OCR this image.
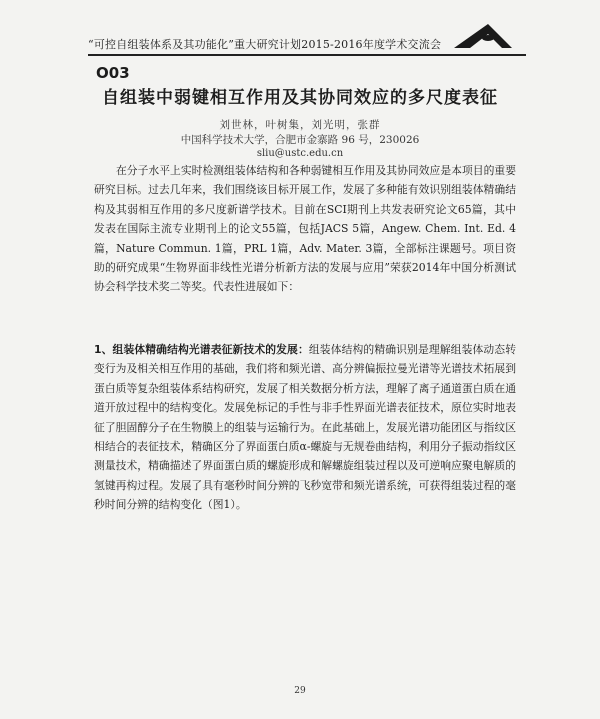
“可控自组装体系及其功能化”重大研究计划2015-2016年度学术交流会
O03
自组装中弱键相互作用及其协同效应的多尺度表征
刘世林，叶树集，刘光明，张群
中国科学技术大学，合肥市金寨路 96 号，230026
sliu@ustc.edu.cn
在分子水平上实时检测组装体结构和各种弱键相互作用及其协同效应是本项目的重要研究目标。过去几年来，我们围绕该目标开展工作，发展了多种能有效识别组装体精确结构及其弱相互作用的多尺度新谱学技术。目前在SCI期刊上共发表研究论文65篇，其中发表在国际主流专业期刊上的论文55篇，包括JACS 5篇，Angew. Chem. Int. Ed. 4篇，Nature Commun. 1篇，PRL 1篇，Adv. Mater. 3篇，全部标注课题号。项目资助的研究成果“生物界面非线性光谱分析新方法的发展与应用”荣获2014年中国分析测试协会科学技术奖二等奖。代表性进展如下：
1、组装体精确结构光谱表征新技术的发展：组装体结构的精确识别是理解组装体动态转变行为及相关相互作用的基础，我们将和频光谱、高分辨偏振拉曼光谱等光谱技术拓展到蛋白质等复杂组装体系结构研究，发展了相关数据分析方法，理解了离子通道蛋白质在通道开放过程中的结构变化。发展免标记的手性与非手性界面光谱表征技术，原位实时地表征了胆固醇分子在生物膜上的组装与运输行为。在此基础上，发展光谱功能团区与指纹区相结合的表征技术，精确区分了界面蛋白质α-螺旋与无规卷曲结构，利用分子振动指纹区测量技术，精确描述了界面蛋白质的螺旋形成和解螺旋组装过程以及可逆响应聚电解质的氢键再构过程。发展了具有毫秒时间分辨的飞秒宽带和频光谱系统，可获得组装过程的毫秒时间分辨的结构变化（图1）。
29
